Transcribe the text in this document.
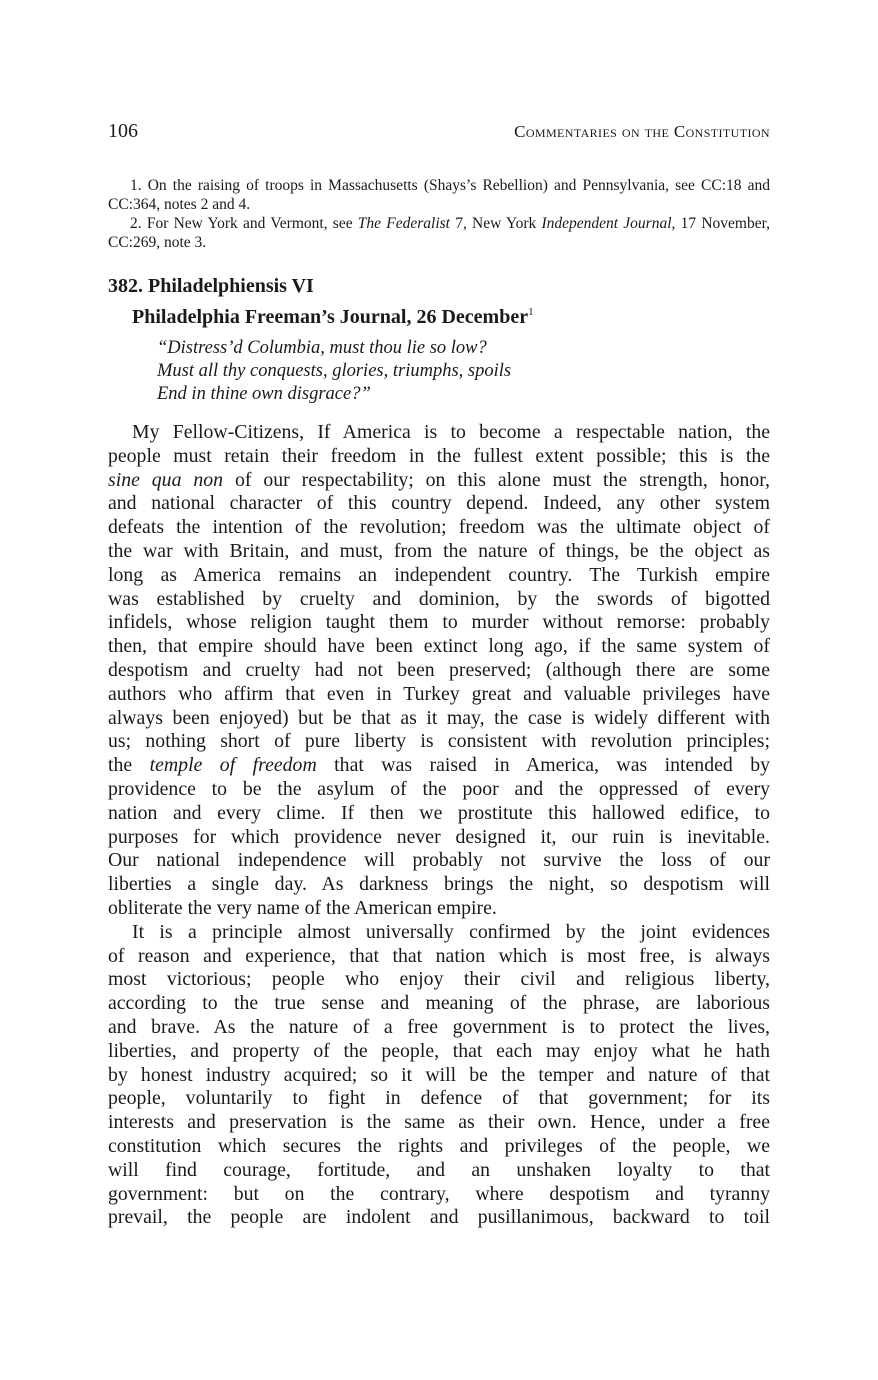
106	Commentaries on the Constitution

1. On the raising of troops in Massachusetts (Shays’s Rebellion) and Pennsylvania, see CC:18 and CC:364, notes 2 and 4.

2. For New York and Vermont, see The Federalist 7, New York Independent Journal, 17 November, CC:269, note 3.

382. Philadelphiensis VI
Philadelphia Freeman’s Journal, 26 December$^1$
“Distress’d Columbia, must thou lie so low?
Must all thy conquests, glories, triumphs, spoils
End in thine own disgrace?”
My Fellow-Citizens, If America is to become a respectable nation, the
people must retain their freedom in the fullest extent possible; this is the
sine qua non of our respectability; on this alone must the strength, honor,
and national character of this country depend. Indeed, any other system
defeats the intention of the revolution; freedom was the ultimate object of
the war with Britain, and must, from the nature of things, be the object as
long as America remains an independent country. The Turkish empire
was established by cruelty and dominion, by the swords of bigotted
infidels, whose religion taught them to murder without remorse: probably
then, that empire should have been extinct long ago, if the same system of
despotism and cruelty had not been preserved; (although there are some
authors who affirm that even in Turkey great and valuable privileges have
always been enjoyed) but be that as it may, the case is widely different with
us; nothing short of pure liberty is consistent with revolution principles;
the temple of freedom that was raised in America, was intended by
providence to be the asylum of the poor and the oppressed of every
nation and every clime. If then we prostitute this hallowed edifice, to
purposes for which providence never designed it, our ruin is inevitable.
Our national independence will probably not survive the loss of our
liberties a single day. As darkness brings the night, so despotism will
obliterate the very name of the American empire.
It is a principle almost universally confirmed by the joint evidences
of reason and experience, that that nation which is most free, is always
most victorious; people who enjoy their civil and religious liberty,
according to the true sense and meaning of the phrase, are laborious
and brave. As the nature of a free government is to protect the lives,
liberties, and property of the people, that each may enjoy what he hath
by honest industry acquired; so it will be the temper and nature of that
people, voluntarily to fight in defence of that government; for its
interests and preservation is the same as their own. Hence, under a free
constitution which secures the rights and privileges of the people, we
will find courage, fortitude, and an unshaken loyalty to that
government: but on the contrary, where despotism and tyranny
prevail, the people are indolent and pusillanimous, backward to toil
